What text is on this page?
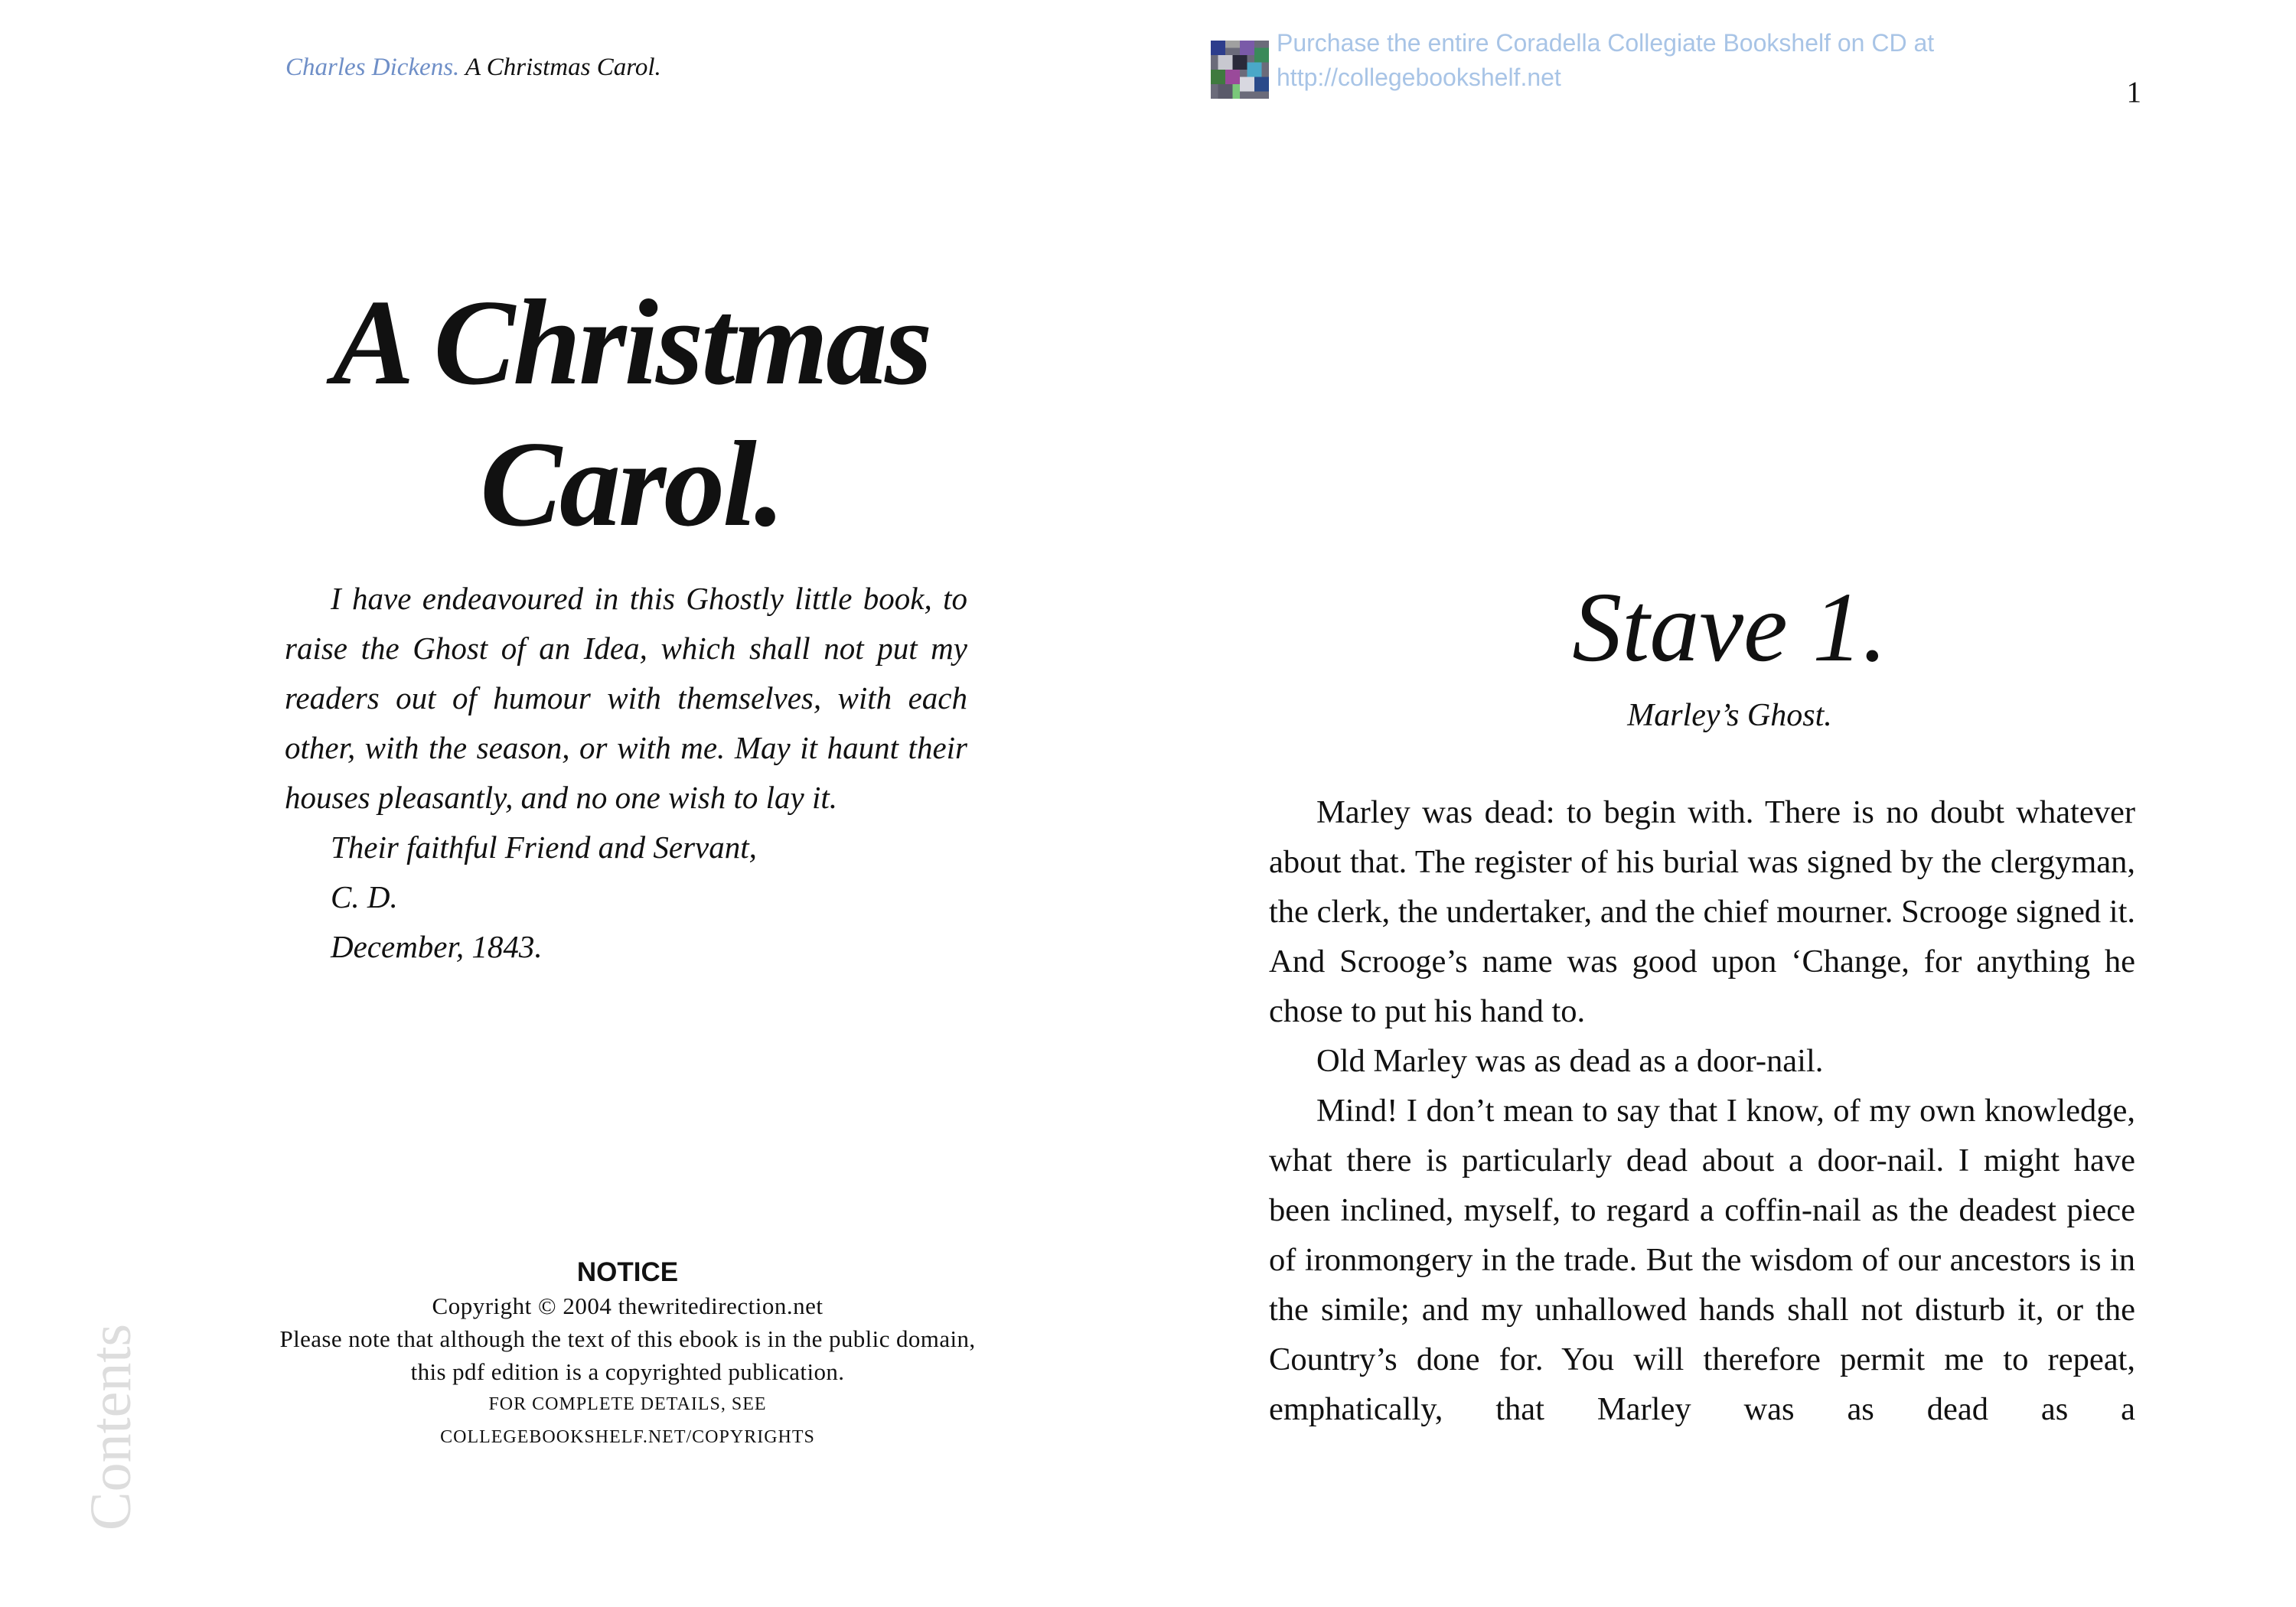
Charles Dickens. A Christmas Carol.
Purchase the entire Coradella Collegiate Bookshelf on CD at
http://collegebookshelf.net	1
A Christmas
Carol.

I have endeavoured in this Ghostly little book, to raise the Ghost of an Idea, which shall not put my readers out of humour with themselves, with each other, with the season, or with me. May it haunt their houses pleasantly, and no one wish to lay it.

Their faithful Friend and Servant,

C. D.

December, 1843.

NOTICE
Copyright © 2004 thewritedirection.net
Please note that although the text of this ebook is in the public domain,
this pdf edition is a copyrighted publication.
FOR COMPLETE DETAILS, SEE
COLLEGEBOOKSHELF.NET/COPYRIGHTS
Contents
Stave 1.
Marley’s Ghost.

Marley was dead: to begin with. There is no doubt whatever about that. The register of his burial was signed by the clergyman, the clerk, the undertaker, and the chief mourner. Scrooge signed it. And Scrooge’s name was good upon ‘Change, for anything he chose to put his hand to.

Old Marley was as dead as a door-nail.

Mind! I don’t mean to say that I know, of my own knowledge, what there is particularly dead about a door-nail. I might have been inclined, myself, to regard a coffin-nail as the deadest piece of ironmongery in the trade. But the wisdom of our ancestors is in the simile; and my unhallowed hands shall not disturb it, or the Country’s done for. You will therefore permit me to repeat, emphatically, that Marley was as dead as a
